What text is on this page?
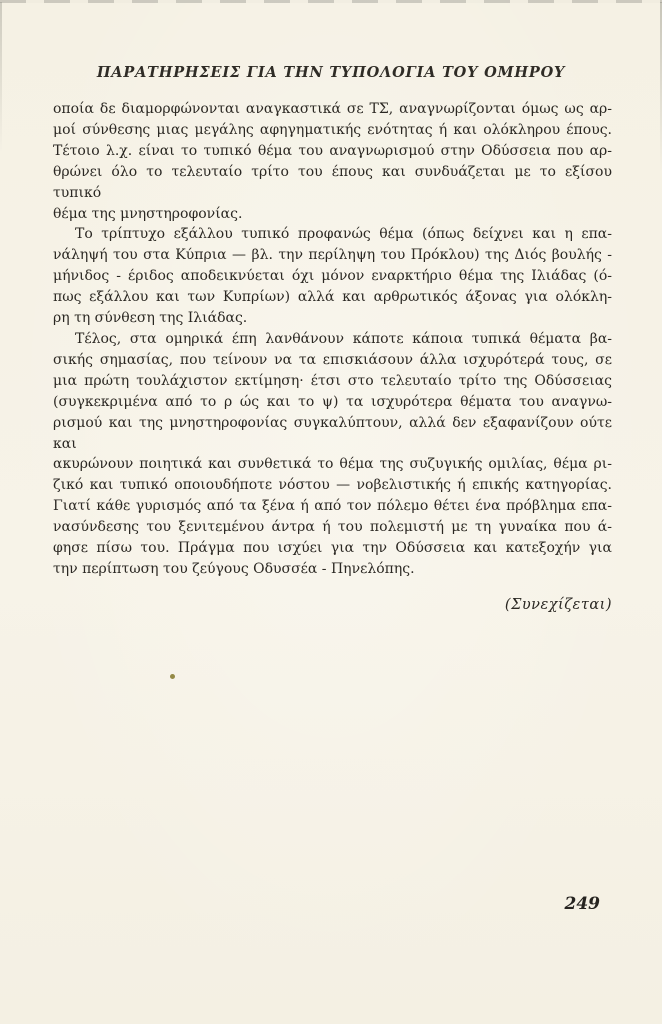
ΠΑΡΑΤΗΡΗΣΕΙΣ ΓΙΑ ΤΗΝ ΤΥΠΟΛΟΓΙΑ ΤΟΥ ΟΜΗΡΟΥ
οποία δε διαμορφώνονται αναγκαστικά σε ΤΣ, αναγνωρίζονται όμως ως αρ-
μοί σύνθεσης μιας μεγάλης αφηγηματικής ενότητας ή και ολόκληρου έπους.
Τέτοιο λ.χ. είναι το τυπικό θέμα του αναγνωρισμού στην Οδύσσεια που αρ-
θρώνει όλο το τελευταίο τρίτο του έπους και συνδυάζεται με το εξίσου τυπικό
θέμα της μνηστηροφονίας.
Το τρίπτυχο εξάλλου τυπικό προφανώς θέμα (όπως δείχνει και η επα-
νάληψή του στα Κύπρια — βλ. την περίληψη του Πρόκλου) της Διός βουλής -
μήνιδος - έριδος αποδεικνύεται όχι μόνον εναρκτήριο θέμα της Ιλιάδας (ό-
πως εξάλλου και των Κυπρίων) αλλά και αρθρωτικός άξονας για ολόκλη-
ρη τη σύνθεση της Ιλιάδας.
Τέλος, στα ομηρικά έπη λανθάνουν κάποτε κάποια τυπικά θέματα βα-
σικής σημασίας, που τείνουν να τα επισκιάσουν άλλα ισχυρότερά τους, σε
μια πρώτη τουλάχιστον εκτίμηση· έτσι στο τελευταίο τρίτο της Οδύσσειας
(συγκεκριμένα από το ρ ώς και το ψ) τα ισχυρότερα θέματα του αναγνω-
ρισμού και της μνηστηροφονίας συγκαλύπτουν, αλλά δεν εξαφανίζουν ούτε και
ακυρώνουν ποιητικά και συνθετικά το θέμα της συζυγικής ομιλίας, θέμα ρι-
ζικό και τυπικό οποιουδήποτε νόστου — νοβελιστικής ή επικής κατηγορίας.
Γιατί κάθε γυρισμός από τα ξένα ή από τον πόλεμο θέτει ένα πρόβλημα επα-
νασύνδεσης του ξενιτεμένου άντρα ή του πολεμιστή με τη γυναίκα που ά-
φησε πίσω του. Πράγμα που ισχύει για την Οδύσσεια και κατεξοχήν για
την περίπτωση του ζεύγους Οδυσσέα - Πηνελόπης.
(Συνεχίζεται)
249
